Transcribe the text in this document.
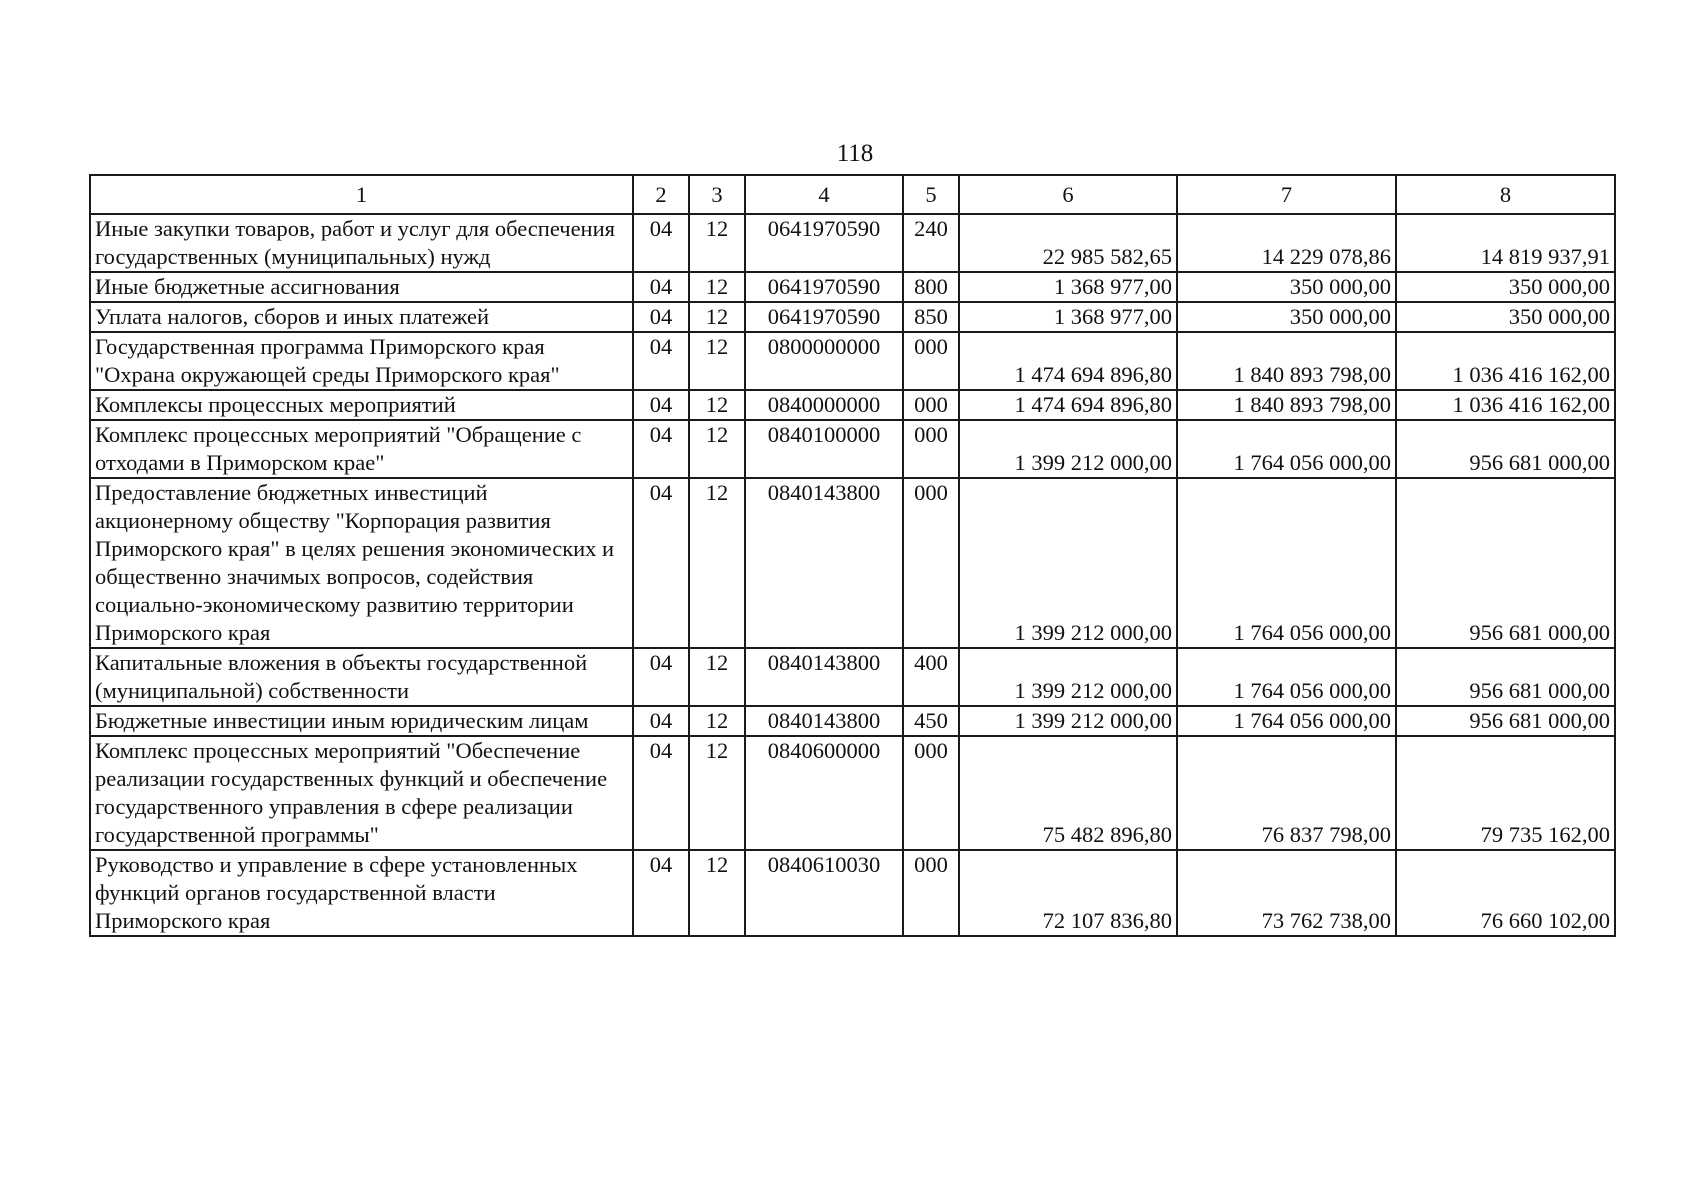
118
1	2	3	4	5	6	7	8
Иные закупки товаров, работ и услуг для обеспечения государственных (муниципальных) нужд	04	12	0641970590	240	22 985 582,65	14 229 078,86	14 819 937,91
Иные бюджетные ассигнования	04	12	0641970590	800	1 368 977,00	350 000,00	350 000,00
Уплата налогов, сборов и иных платежей	04	12	0641970590	850	1 368 977,00	350 000,00	350 000,00
Государственная программа Приморского края "Охрана окружающей среды Приморского края"	04	12	0800000000	000	1 474 694 896,80	1 840 893 798,00	1 036 416 162,00
Комплексы процессных мероприятий	04	12	0840000000	000	1 474 694 896,80	1 840 893 798,00	1 036 416 162,00
Комплекс процессных мероприятий "Обращение с отходами в Приморском крае"	04	12	0840100000	000	1 399 212 000,00	1 764 056 000,00	956 681 000,00
Предоставление бюджетных инвестиций акционерному обществу "Корпорация развития Приморского края" в целях решения экономических и общественно значимых вопросов, содействия социально-экономическому развитию территории Приморского края	04	12	0840143800	000	1 399 212 000,00	1 764 056 000,00	956 681 000,00
Капитальные вложения в объекты государственной (муниципальной) собственности	04	12	0840143800	400	1 399 212 000,00	1 764 056 000,00	956 681 000,00
Бюджетные инвестиции иным юридическим лицам	04	12	0840143800	450	1 399 212 000,00	1 764 056 000,00	956 681 000,00
Комплекс процессных мероприятий "Обеспечение реализации государственных функций и обеспечение государственного управления в сфере реализации государственной программы"	04	12	0840600000	000	75 482 896,80	76 837 798,00	79 735 162,00
Руководство и управление в сфере установленных функций органов государственной власти Приморского края	04	12	0840610030	000	72 107 836,80	73 762 738,00	76 660 102,00
